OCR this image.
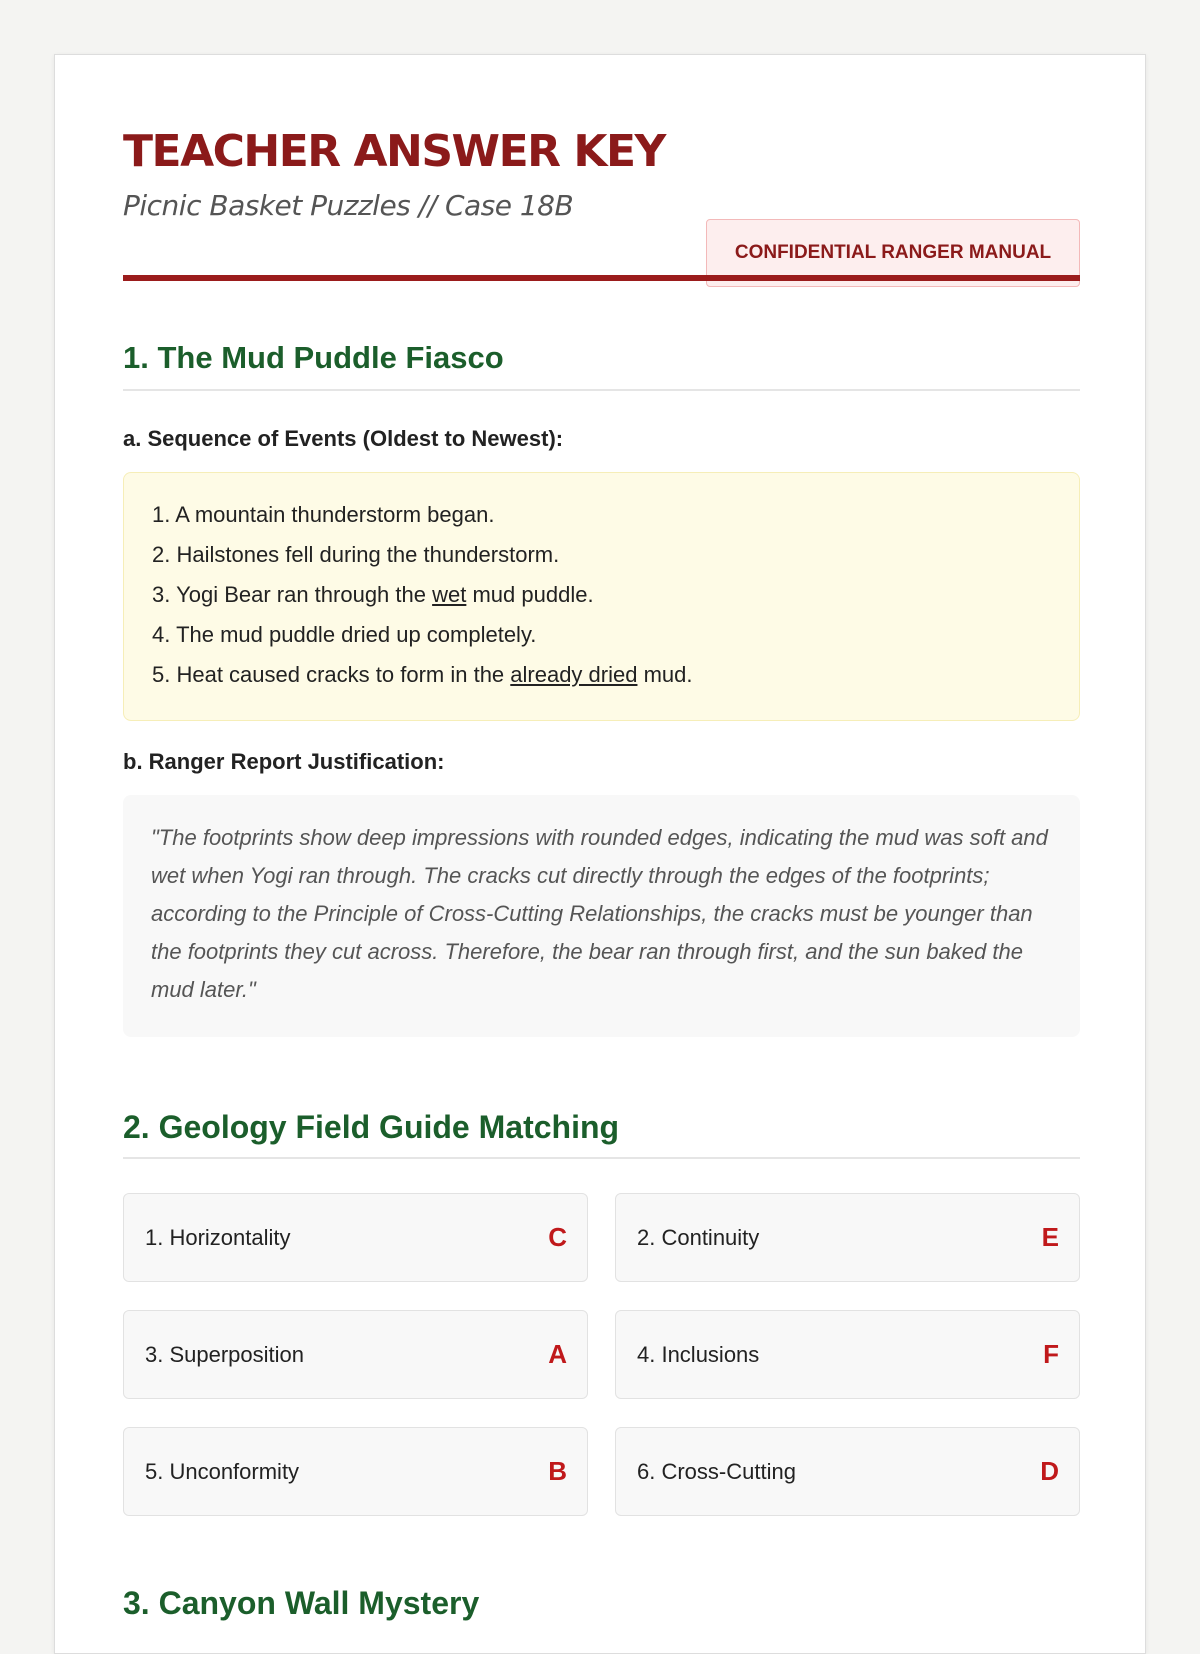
TEACHER ANSWER KEY
Picnic Basket Puzzles // Case 18B
CONFIDENTIAL RANGER MANUAL
1. The Mud Puddle Fiasco
a. Sequence of Events (Oldest to Newest):
1. A mountain thunderstorm began.
2. Hailstones fell during the thunderstorm.
3. Yogi Bear ran through the wet mud puddle.
4. The mud puddle dried up completely.
5. Heat caused cracks to form in the already dried mud.
b. Ranger Report Justification:

"The footprints show deep impressions with rounded edges, indicating the mud was soft and wet when Yogi ran through. The cracks cut directly through the edges of the footprints; according to the Principle of Cross-Cutting Relationships, the cracks must be younger than the footprints they cut across. Therefore, the bear ran through first, and the sun baked the mud later."

2. Geology Field Guide Matching
1. Horizontality	C	2. Continuity	E
3. Superposition	A	4. Inclusions	F
5. Unconformity	B	6. Cross-Cutting	D
3. Canyon Wall Mystery
